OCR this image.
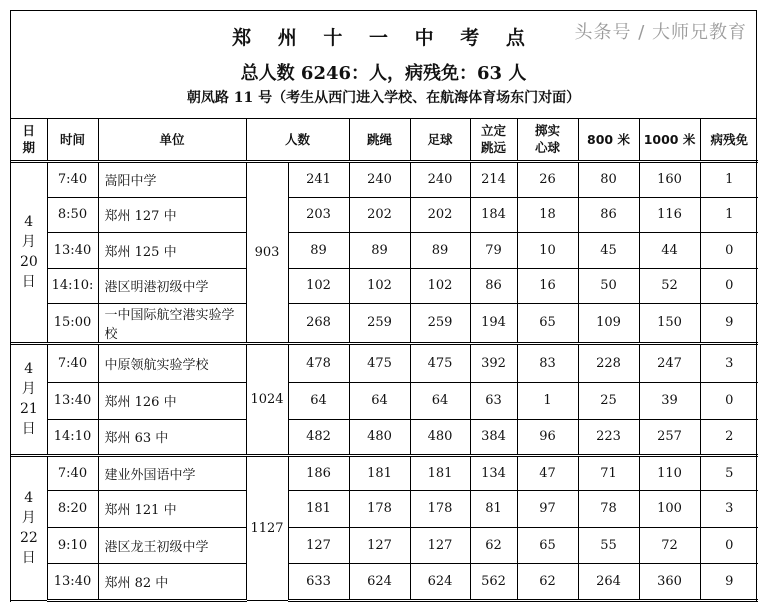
郑 州 十 一 中 考 点
总人数 6246：人，病残免：63 人
朝凤路 11 号（考生从西门进入学校、在航海体育场东门对面）
日期	时间	单位	人数		跳绳	足球	立定跳远	掷实心球	800 米	1000 米	病残免
4月20日	7:40	嵩阳中学	903	241	240	240	214	26	80	160	1
	8:50	郑州 127 中		203	202	202	184	18	86	116	1
	13:40	郑州 125 中		89	89	89	79	10	45	44	0
	14:10:	港区明港初级中学		102	102	102	86	16	50	52	0
	15:00	一中国际航空港实验学校		268	259	259	194	65	109	150	9
4月21日	7:40	中原领航实验学校	1024	478	475	475	392	83	228	247	3
	13:40	郑州 126 中		64	64	64	63	1	25	39	0
	14:10	郑州 63 中		482	480	480	384	96	223	257	2
4月22日	7:40	建业外国语中学	1127	186	181	181	134	47	71	110	5
	8:20	郑州 121 中		181	178	178	81	97	78	100	3
	9:10	港区龙王初级中学		127	127	127	62	65	55	72	0
	13:40	郑州 82 中		633	624	624	562	62	264	360	9
头条号 / 大师兄教育
